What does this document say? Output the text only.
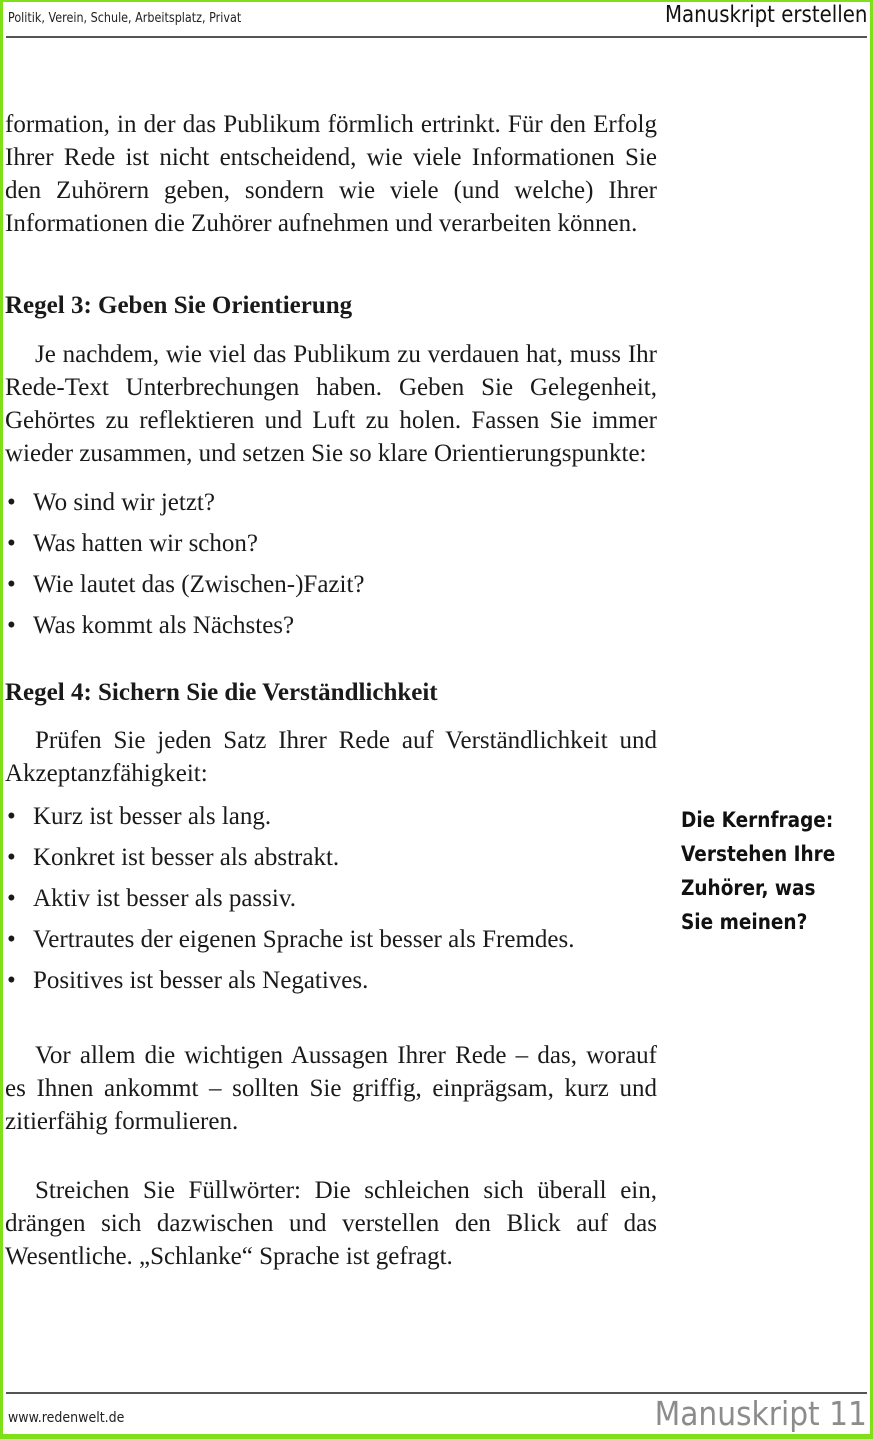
Politik, Verein, Schule, Arbeitsplatz, Privat	Manuskript erstellen

formation, in der das Publikum förmlich ertrinkt. Für den Erfolg Ihrer Rede ist nicht entscheidend, wie viele Informationen Sie den Zuhörern geben, sondern wie viele (und welche) Ihrer Informationen die Zuhörer aufnehmen und verarbeiten können.

Regel 3: Geben Sie Orientierung

Je nachdem, wie viel das Publikum zu verdauen hat, muss Ihr Rede-Text Unterbrechungen haben. Geben Sie Gelegenheit, Gehörtes zu reflektieren und Luft zu holen. Fassen Sie immer wieder zusammen, und setzen Sie so klare Orientierungspunkte:

• Wo sind wir jetzt?
• Was hatten wir schon?
• Wie lautet das (Zwischen-)Fazit?
• Was kommt als Nächstes?
Regel 4: Sichern Sie die Verständlichkeit

Prüfen Sie jeden Satz Ihrer Rede auf Verständlichkeit und Akzeptanzfähigkeit:

• Kurz ist besser als lang.
• Konkret ist besser als abstrakt.
• Aktiv ist besser als passiv.
• Vertrautes der eigenen Sprache ist besser als Fremdes.
• Positives ist besser als Negatives.

Vor allem die wichtigen Aussagen Ihrer Rede – das, worauf es Ihnen ankommt – sollten Sie griffig, einprägsam, kurz und zitierfähig formulieren.

Streichen Sie Füllwörter: Die schleichen sich überall ein, drängen sich dazwischen und verstellen den Blick auf das Wesentliche. „Schlanke“ Sprache ist gefragt.

Die Kernfrage:
Verstehen Ihre
Zuhörer, was
Sie meinen?
www.redenwelt.de	Manuskript 11
